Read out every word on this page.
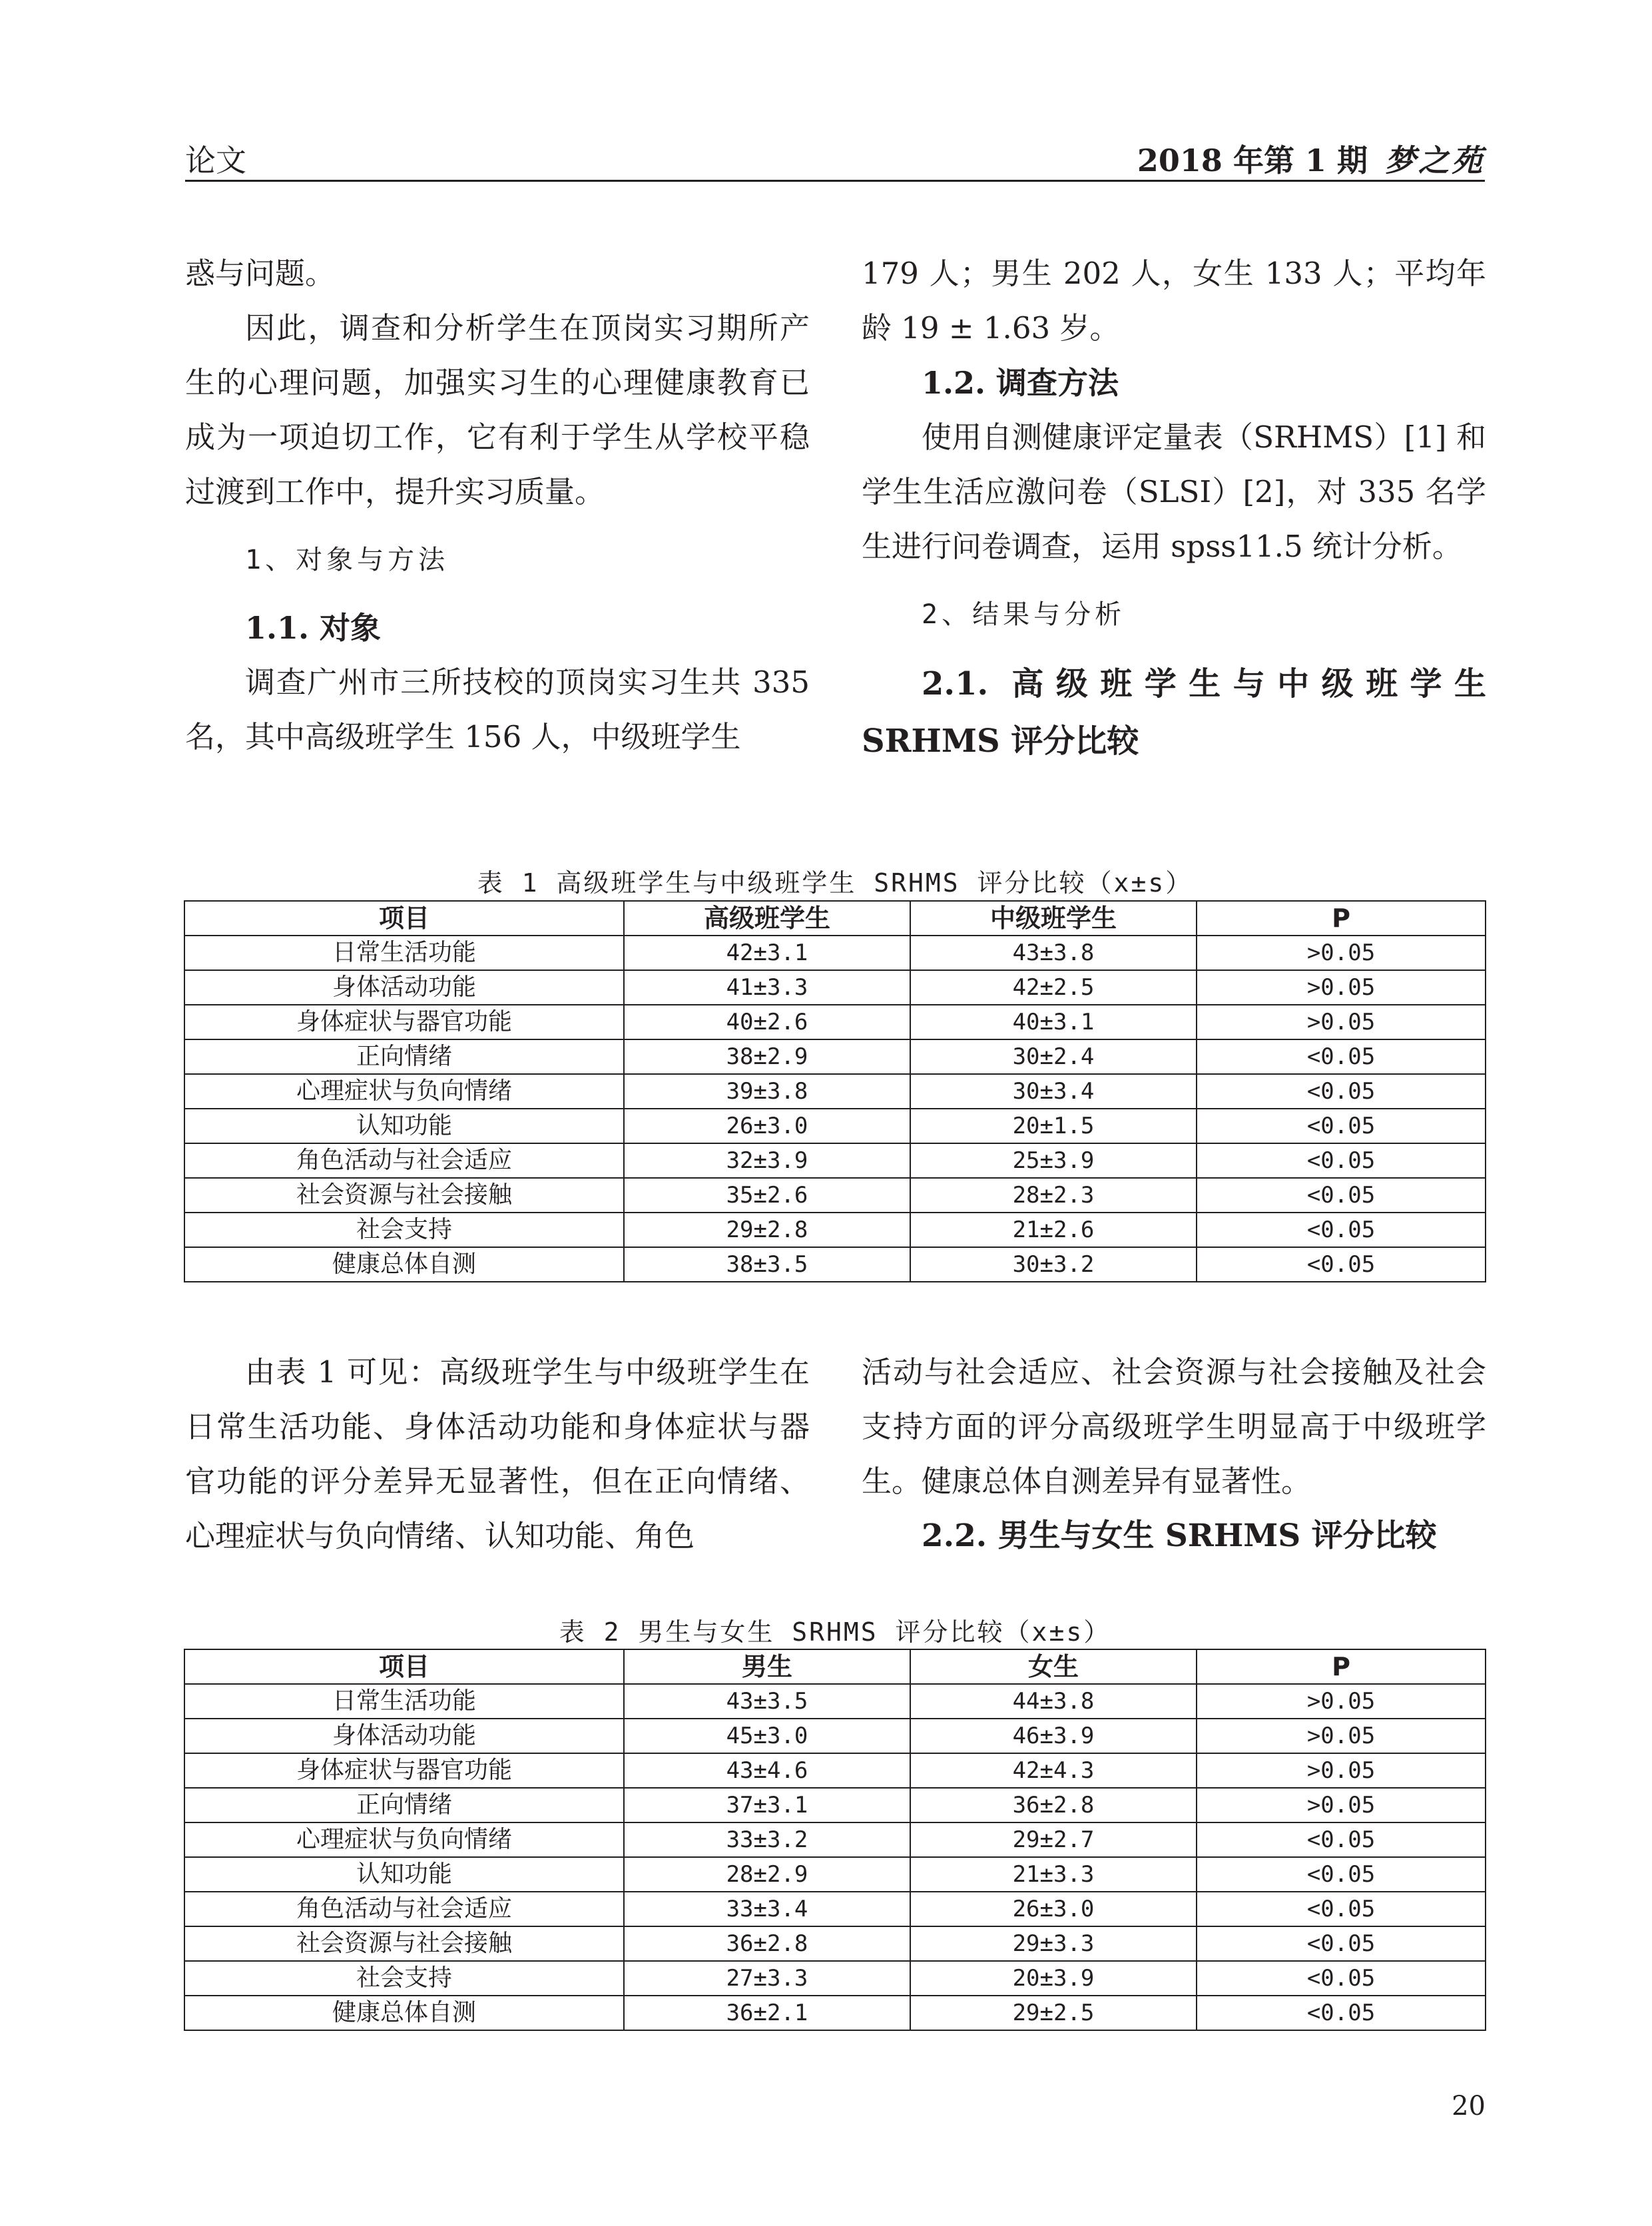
论文	2018 年第 1 期 梦之苑

惑与问题。

因此，调查和分析学生在顶岗实习期所产生的心理问题，加强实习生的心理健康教育已成为一项迫切工作，它有利于学生从学校平稳过渡到工作中，提升实习质量。

1、对象与方法

1.1. 对象

调查广州市三所技校的顶岗实习生共 335 名，其中高级班学生 156 人，中级班学生

179 人；男生 202 人，女生 133 人；平均年龄 19 ± 1.63 岁。

1.2. 调查方法

使用自测健康评定量表（SRHMS）[1] 和学生生活应激问卷（SLSI）[2]，对 335 名学生进行问卷调查，运用 spss11.5 统计分析。

2、结果与分析

2.1. 高级班学生与中级班学生 SRHMS 评分比较

表 1 高级班学生与中级班学生 SRHMS 评分比较（x±s）
项目	高级班学生	中级班学生	P
日常生活功能	42±3.1	43±3.8	>0.05
身体活动功能	41±3.3	42±2.5	>0.05
身体症状与器官功能	40±2.6	40±3.1	>0.05
正向情绪	38±2.9	30±2.4	<0.05
心理症状与负向情绪	39±3.8	30±3.4	<0.05
认知功能	26±3.0	20±1.5	<0.05
角色活动与社会适应	32±3.9	25±3.9	<0.05
社会资源与社会接触	35±2.6	28±2.3	<0.05
社会支持	29±2.8	21±2.6	<0.05
健康总体自测	38±3.5	30±3.2	<0.05

由表 1 可见：高级班学生与中级班学生在日常生活功能、身体活动功能和身体症状与器官功能的评分差异无显著性，但在正向情绪、心理症状与负向情绪、认知功能、角色

活动与社会适应、社会资源与社会接触及社会支持方面的评分高级班学生明显高于中级班学生。健康总体自测差异有显著性。

2.2. 男生与女生 SRHMS 评分比较

表 2 男生与女生 SRHMS 评分比较（x±s）
项目	男生	女生	P
日常生活功能	43±3.5	44±3.8	>0.05
身体活动功能	45±3.0	46±3.9	>0.05
身体症状与器官功能	43±4.6	42±4.3	>0.05
正向情绪	37±3.1	36±2.8	>0.05
心理症状与负向情绪	33±3.2	29±2.7	<0.05
认知功能	28±2.9	21±3.3	<0.05
角色活动与社会适应	33±3.4	26±3.0	<0.05
社会资源与社会接触	36±2.8	29±3.3	<0.05
社会支持	27±3.3	20±3.9	<0.05
健康总体自测	36±2.1	29±2.5	<0.05
20
